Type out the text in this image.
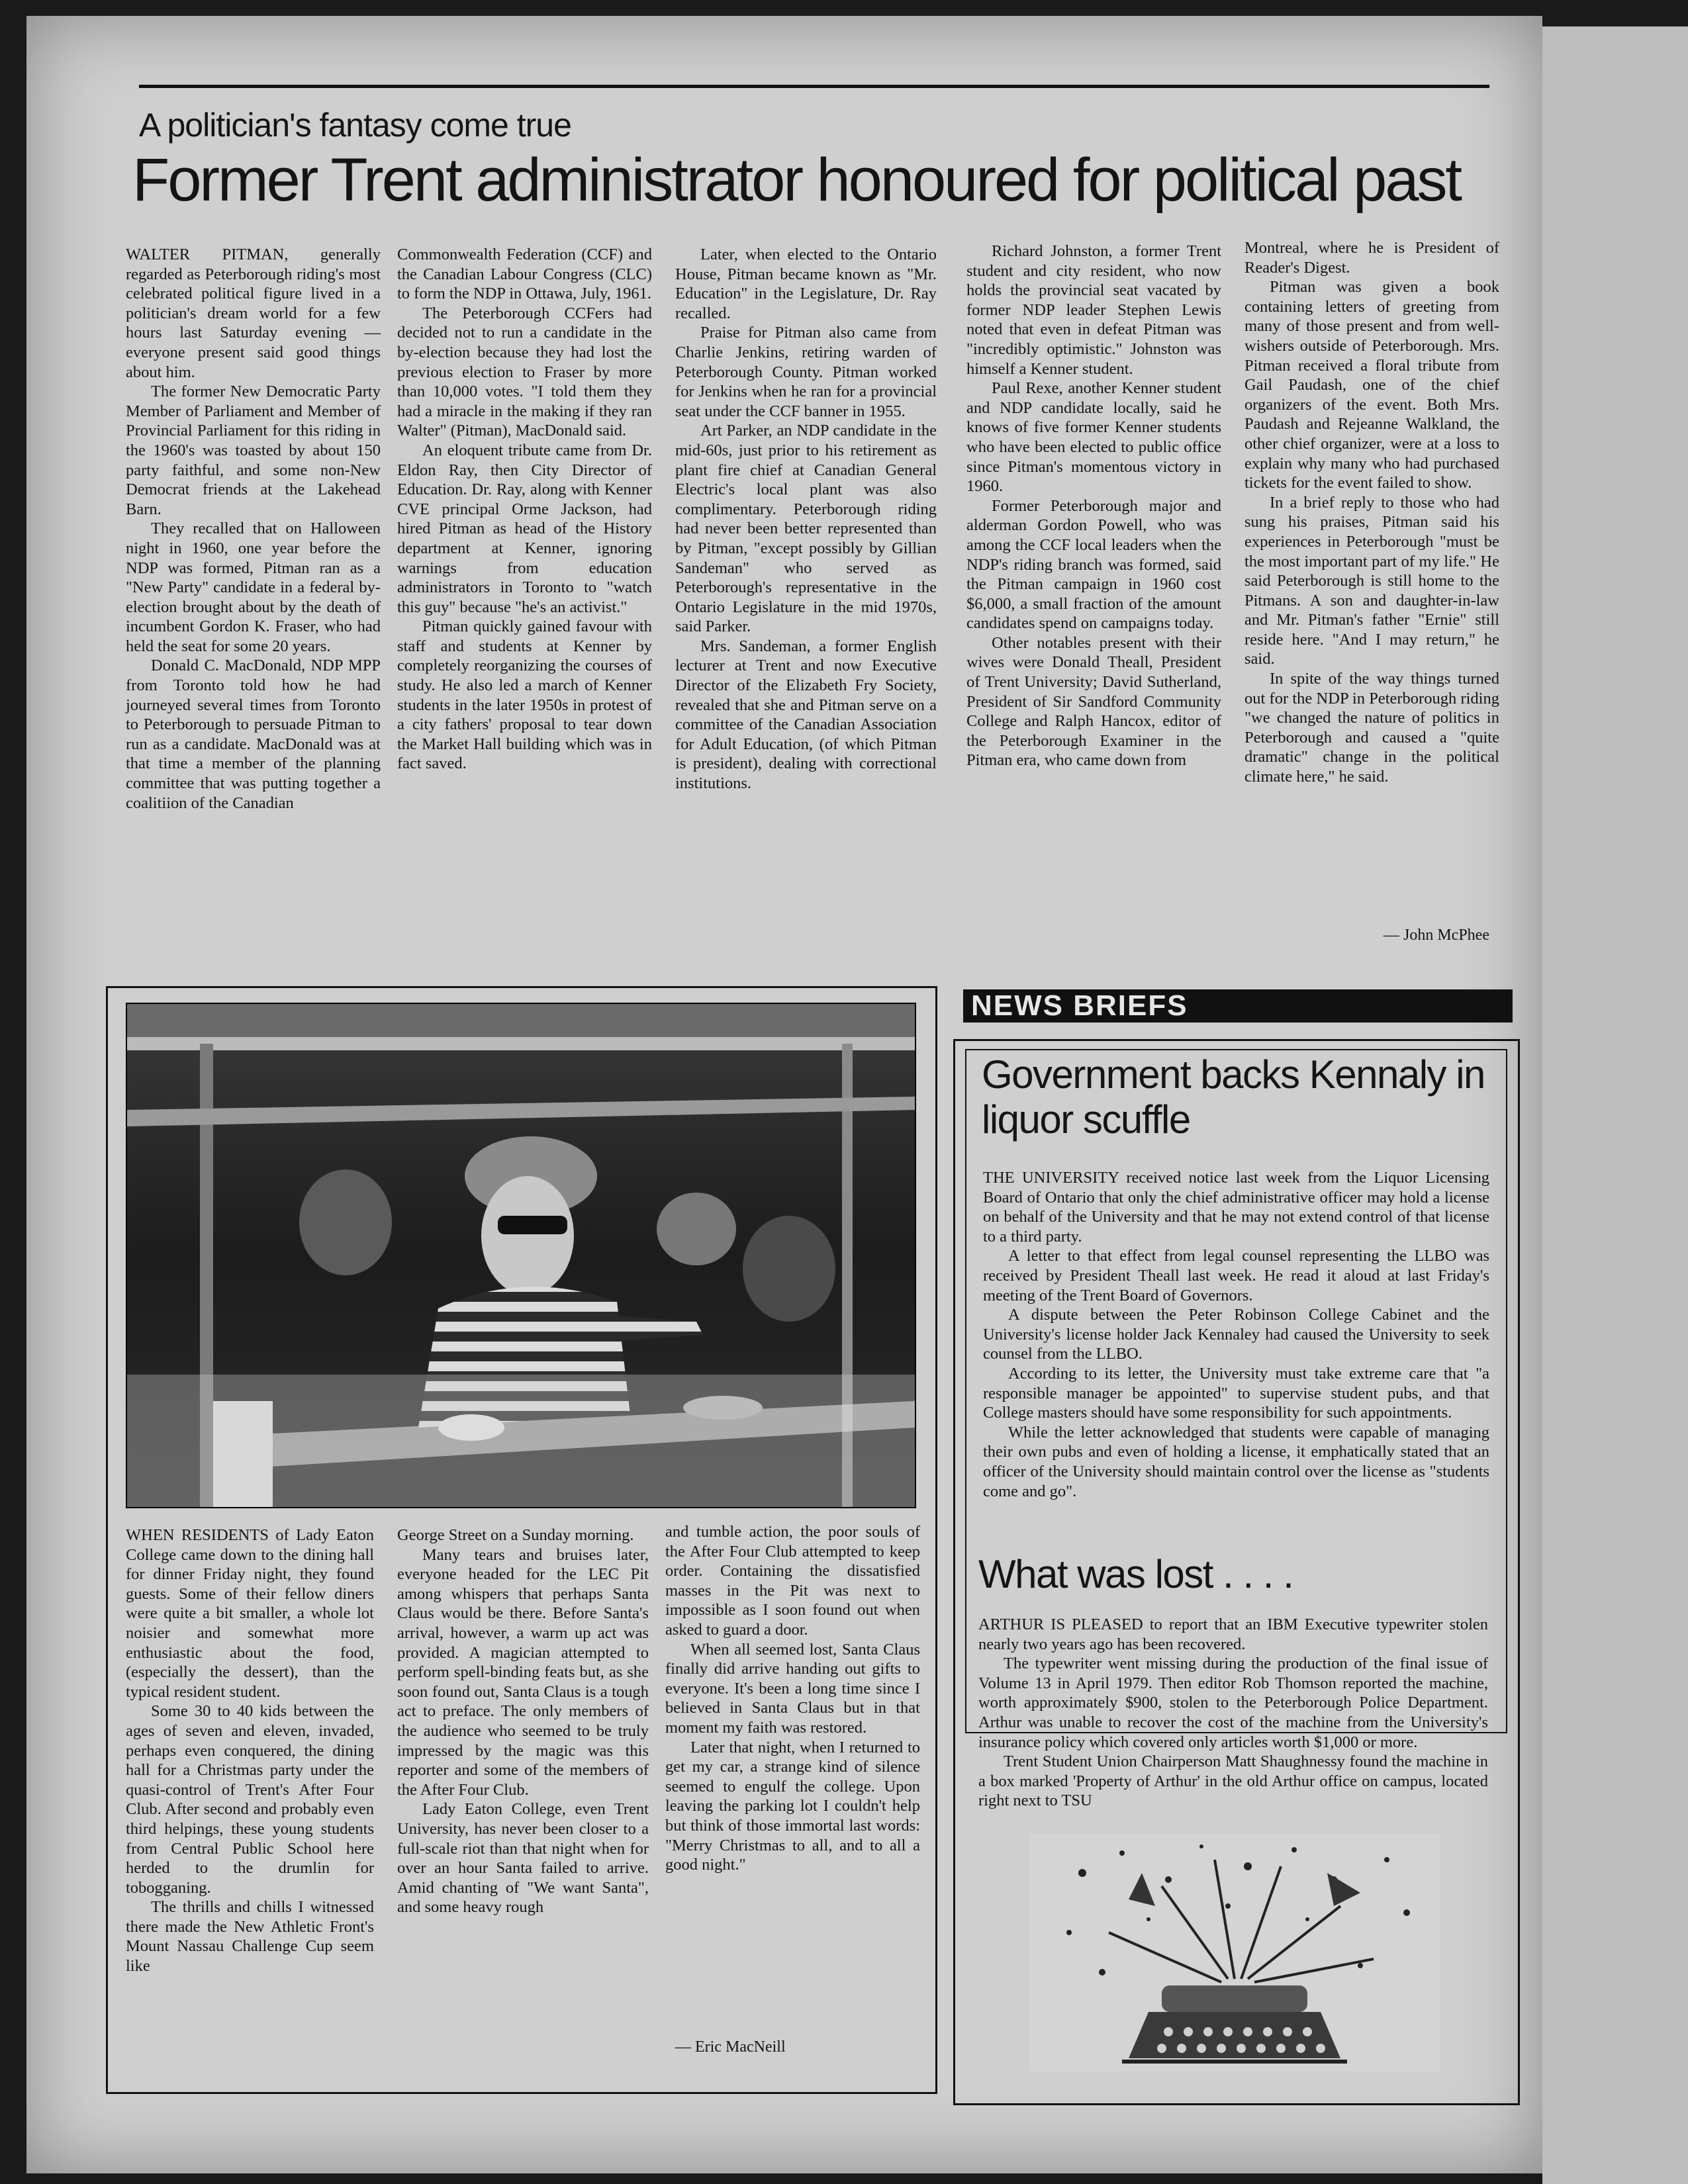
A politician's fantasy come true
Former Trent administrator honoured for political past

WALTER PITMAN, generally regarded as Peterborough riding's most celebrated political figure lived in a politician's dream world for a few hours last Saturday evening — everyone present said good things about him.

The former New Democratic Party Member of Parliament and Member of Provincial Parliament for this riding in the 1960's was toasted by about 150 party faithful, and some non-New Democrat friends at the Lakehead Barn.

They recalled that on Halloween night in 1960, one year before the NDP was formed, Pitman ran as a "New Party" candidate in a federal by-election brought about by the death of incumbent Gordon K. Fraser, who had held the seat for some 20 years.

Donald C. MacDonald, NDP MPP from Toronto told how he had journeyed several times from Toronto to Peterborough to persuade Pitman to run as a candidate. MacDonald was at that time a member of the planning committee that was putting together a coalitiion of the Canadian

Commonwealth Federation (CCF) and the Canadian Labour Congress (CLC) to form the NDP in Ottawa, July, 1961.

The Peterborough CCFers had decided not to run a candidate in the by-election because they had lost the previous election to Fraser by more than 10,000 votes. "I told them they had a miracle in the making if they ran Walter" (Pitman), MacDonald said.

An eloquent tribute came from Dr. Eldon Ray, then City Director of Education. Dr. Ray, along with Kenner CVE principal Orme Jackson, had hired Pitman as head of the History department at Kenner, ignoring warnings from education administrators in Toronto to "watch this guy" because "he's an activist."

Pitman quickly gained favour with staff and students at Kenner by completely reorganizing the courses of study. He also led a march of Kenner students in the later 1950s in protest of a city fathers' proposal to tear down the Market Hall building which was in fact saved.

Later, when elected to the Ontario House, Pitman became known as "Mr. Education" in the Legislature, Dr. Ray recalled.

Praise for Pitman also came from Charlie Jenkins, retiring warden of Peterborough County. Pitman worked for Jenkins when he ran for a provincial seat under the CCF banner in 1955.

Art Parker, an NDP candidate in the mid-60s, just prior to his retirement as plant fire chief at Canadian General Electric's local plant was also complimentary. Peterborough riding had never been better represented than by Pitman, "except possibly by Gillian Sandeman" who served as Peterborough's representative in the Ontario Legislature in the mid 1970s, said Parker.

Mrs. Sandeman, a former English lecturer at Trent and now Executive Director of the Elizabeth Fry Society, revealed that she and Pitman serve on a committee of the Canadian Association for Adult Education, (of which Pitman is president), dealing with correctional institutions.

Richard Johnston, a former Trent student and city resident, who now holds the provincial seat vacated by former NDP leader Stephen Lewis noted that even in defeat Pitman was "incredibly optimistic." Johnston was himself a Kenner student.

Paul Rexe, another Kenner student and NDP candidate locally, said he knows of five former Kenner students who have been elected to public office since Pitman's momentous victory in 1960.

Former Peterborough major and alderman Gordon Powell, who was among the CCF local leaders when the NDP's riding branch was formed, said the Pitman campaign in 1960 cost $6,000, a small fraction of the amount candidates spend on campaigns today.

Other notables present with their wives were Donald Theall, President of Trent University; David Sutherland, President of Sir Sandford Community College and Ralph Hancox, editor of the Peterborough Examiner in the Pitman era, who came down from

Montreal, where he is President of Reader's Digest.

Pitman was given a book containing letters of greeting from many of those present and from well-wishers outside of Peterborough. Mrs. Pitman received a floral tribute from Gail Paudash, one of the chief organizers of the event. Both Mrs. Paudash and Rejeanne Walkland, the other chief organizer, were at a loss to explain why many who had purchased tickets for the event failed to show.

In a brief reply to those who had sung his praises, Pitman said his experiences in Peterborough "must be the most important part of my life." He said Peterborough is still home to the Pitmans. A son and daughter-in-law and Mr. Pitman's father "Ernie" still reside here. "And I may return," he said.

In spite of the way things turned out for the NDP in Peterborough riding "we changed the nature of politics in Peterborough and caused a "quite dramatic" change in the political climate here," he said.

— John McPhee

WHEN RESIDENTS of Lady Eaton College came down to the dining hall for dinner Friday night, they found guests. Some of their fellow diners were quite a bit smaller, a whole lot noisier and somewhat more enthusiastic about the food, (especially the dessert), than the typical resident student.

Some 30 to 40 kids between the ages of seven and eleven, invaded, perhaps even conquered, the dining hall for a Christmas party under the quasi-control of Trent's After Four Club. After second and probably even third helpings, these young students from Central Public School here herded to the drumlin for tobogganing.

The thrills and chills I witnessed there made the New Athletic Front's Mount Nassau Challenge Cup seem like

George Street on a Sunday morning.

Many tears and bruises later, everyone headed for the LEC Pit among whispers that perhaps Santa Claus would be there. Before Santa's arrival, however, a warm up act was provided. A magician attempted to perform spell-binding feats but, as she soon found out, Santa Claus is a tough act to preface. The only members of the audience who seemed to be truly impressed by the magic was this reporter and some of the members of the After Four Club.

Lady Eaton College, even Trent University, has never been closer to a full-scale riot than that night when for over an hour Santa failed to arrive. Amid chanting of "We want Santa", and some heavy rough

and tumble action, the poor souls of the After Four Club attempted to keep order. Containing the dissatisfied masses in the Pit was next to impossible as I soon found out when asked to guard a door.

When all seemed lost, Santa Claus finally did arrive handing out gifts to everyone. It's been a long time since I believed in Santa Claus but in that moment my faith was restored.

Later that night, when I returned to get my car, a strange kind of silence seemed to engulf the college. Upon leaving the parking lot I couldn't help but think of those immortal last words: "Merry Christmas to all, and to all a good night."

— Eric MacNeill
NEWS BRIEFS
Government backs Kennaly in liquor scuffle

THE UNIVERSITY received notice last week from the Liquor Licensing Board of Ontario that only the chief administrative officer may hold a license on behalf of the University and that he may not extend control of that license to a third party.

A letter to that effect from legal counsel representing the LLBO was received by President Theall last week. He read it aloud at last Friday's meeting of the Trent Board of Governors.

A dispute between the Peter Robinson College Cabinet and the University's license holder Jack Kennaley had caused the University to seek counsel from the LLBO.

According to its letter, the University must take extreme care that "a responsible manager be appointed" to supervise student pubs, and that College masters should have some responsibility for such appointments.

While the letter acknowledged that students were capable of managing their own pubs and even of holding a license, it emphatically stated that an officer of the University should maintain control over the license as "students come and go".

What was lost . . . .

ARTHUR IS PLEASED to report that an IBM Executive typewriter stolen nearly two years ago has been recovered.

The typewriter went missing during the production of the final issue of Volume 13 in April 1979. Then editor Rob Thomson reported the machine, worth approximately $900, stolen to the Peterborough Police Department. Arthur was unable to recover the cost of the machine from the University's insurance policy which covered only articles worth $1,000 or more.

Trent Student Union Chairperson Matt Shaughnessy found the machine in a box marked 'Property of Arthur' in the old Arthur office on campus, located right next to TSU
